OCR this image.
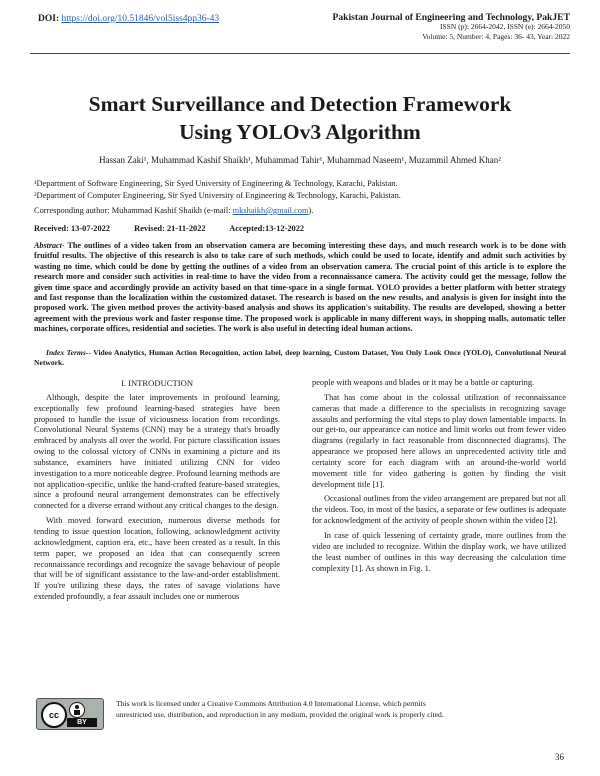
DOI: https://doi.org/10.51846/vol5iss4pp36-43	Pakistan Journal of Engineering and Technology, PakJET
ISSN (p): 2664-2042, ISSN (e): 2664-2050
Volume: 5, Number: 4, Pages: 36- 43, Year: 2022
Smart Surveillance and Detection Framework
Using YOLOv3 Algorithm
Hassan Zaki¹, Muhammad Kashif Shaikh¹, Muhammad Tahir¹, Muhammad Naseem¹, Muzammil Ahmed Khan²
¹Department of Software Engineering, Sir Syed University of Engineering & Technology, Karachi, Pakistan.
²Department of Computer Engineering, Sir Syed University of Engineering & Technology, Karachi, Pakistan.
Corresponding author: Muhammad Kashif Shaikh (e-mail: mkshaikh@gmail.com).
Received: 13-07-2022	Revised: 21-11-2022	Accepted:13-12-2022
Abstract- The outlines of a video taken from an observation camera are becoming interesting these days, and much research work is to be done with fruitful results. The objective of this research is also to take care of such methods, which could be used to locate, identify and admit such activities by wasting no time, which could be done by getting the outlines of a video from an observation camera. The crucial point of this article is to explore the research more and consider such activities in real-time to have the video from a reconnaissance camera. The activity could get the message, follow the given time space and accordingly provide an activity based on that time-space in a single format. YOLO provides a better platform with better strategy and fast response than the localization within the customized dataset. The research is based on the new results, and analysis is given for insight into the proposed work. The given method proves the activity-based analysis and shows its application's suitability. The results are developed, showing a better agreement with the previous work and faster response time. The proposed work is applicable in many different ways, in shopping malls, automatic teller machines, corporate offices, residential and societies. The work is also useful in detecting ideal human actions.
Index Terms-- Video Analytics, Human Action Recognition, action label, deep learning, Custom Dataset, You Only Look Once (YOLO), Convolutional Neural Network.
I. INTRODUCTION

Although, despite the later improvements in profound learning, exceptionally few profound learning-based strategies have been proposed to handle the issue of viciousness location from recordings. Convolutional Neural Systems (CNN) may be a strategy that's broadly embraced by analysts all over the world. For picture classification issues owing to the colossal victory of CNNs in examining a picture and its substance, examiners have initiated utilizing CNN for video investigation to a more noticeable degree. Profound learning methods are not application-specific, unlike the hand-crafted feature-based strategies, since a profound neural arrangement demonstrates can be effectively connected for a diverse errand without any critical changes to the design.

With moved forward execution, numerous diverse methods for tending to issue question location, following, acknowledgment activity acknowledgment, caption era, etc., have been created as a result. In this term paper, we proposed an idea that can consequently screen reconnaissance recordings and recognize the savage behaviour of people that will be of significant assistance to the law-and-order establishment. If you're utilizing these days, the rates of savage violations have extended profoundly, a fear assault includes one or numerous

people with weapons and blades or it may be a battle or capturing.

That has come about in the colossal utilization of reconnaissance cameras that made a difference to the specialists in recognizing savage assaults and performing the vital steps to play down lamentable impacts. In our get-to, our appearance can notice and limit works out from fewer video diagrams (regularly in fact reasonable from disconnected diagrams). The appearance we proposed here allows an unprecedented activity title and certainty score for each diagram with an around-the-world world movement title for video gathering is gotten by finding the visit development title [1].

Occasional outlines from the video arrangement are prepared but not all the videos. Too, in most of the basics, a separate or few outlines is adequate for acknowledgment of the activity of people shown within the video [2].

In case of quick lessening of certainty grade, more outlines from the video are included to recognize. Within the display work, we have utilized the least number of outlines in this way decreasing the calculation time complexity [1]. As shown in Fig. 1.

cc
BY
This work is licensed under a Creative Commons Attribution 4.0 International License, which permits
unrestricted use, distribution, and reproduction in any medium, provided the original work is properly cited.
36
